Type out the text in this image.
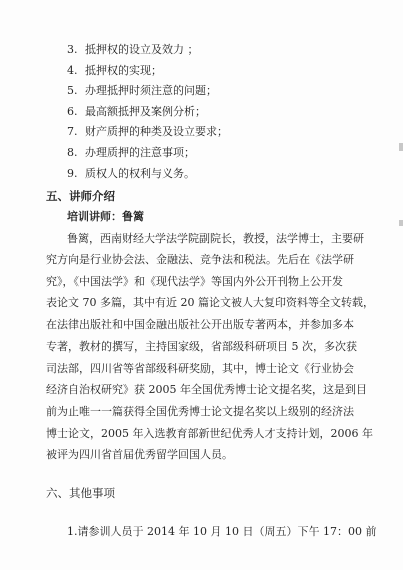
3. 抵押权的设立及效力 ；
4. 抵押权的实现；
5. 办理抵押时须注意的问题；
6. 最高额抵押及案例分析；
7. 财产质押的种类及设立要求；
8. 办理质押的注意事项；
9. 质权人的权利与义务。
五、讲师介绍
培训讲师：鲁篱
鲁篱，西南财经大学法学院副院长，教授，法学博士，主要研
究方向是行业协会法、金融法、竞争法和税法。先后在《法学研
究》，《中国法学》和《现代法学》等国内外公开刊物上公开发
表论文 70 多篇，其中有近 20 篇论文被人大复印资料等全文转载，
在法律出版社和中国金融出版社公开出版专著两本，并参加多本
专著，教材的撰写，主持国家级，省部级科研项目 5 次，多次获
司法部，四川省等省部级科研奖励，其中，博士论文《行业协会
经济自治权研究》获 2005 年全国优秀博士论文提名奖，这是到目
前为止唯一一篇获得全国优秀博士论文提名奖以上级别的经济法
博士论文，2005 年入选教育部新世纪优秀人才支持计划，2006 年
被评为四川省首届优秀留学回国人员。
六、其他事项
1.请参训人员于 2014 年 10 月 10 日（周五）下午 17：00 前
